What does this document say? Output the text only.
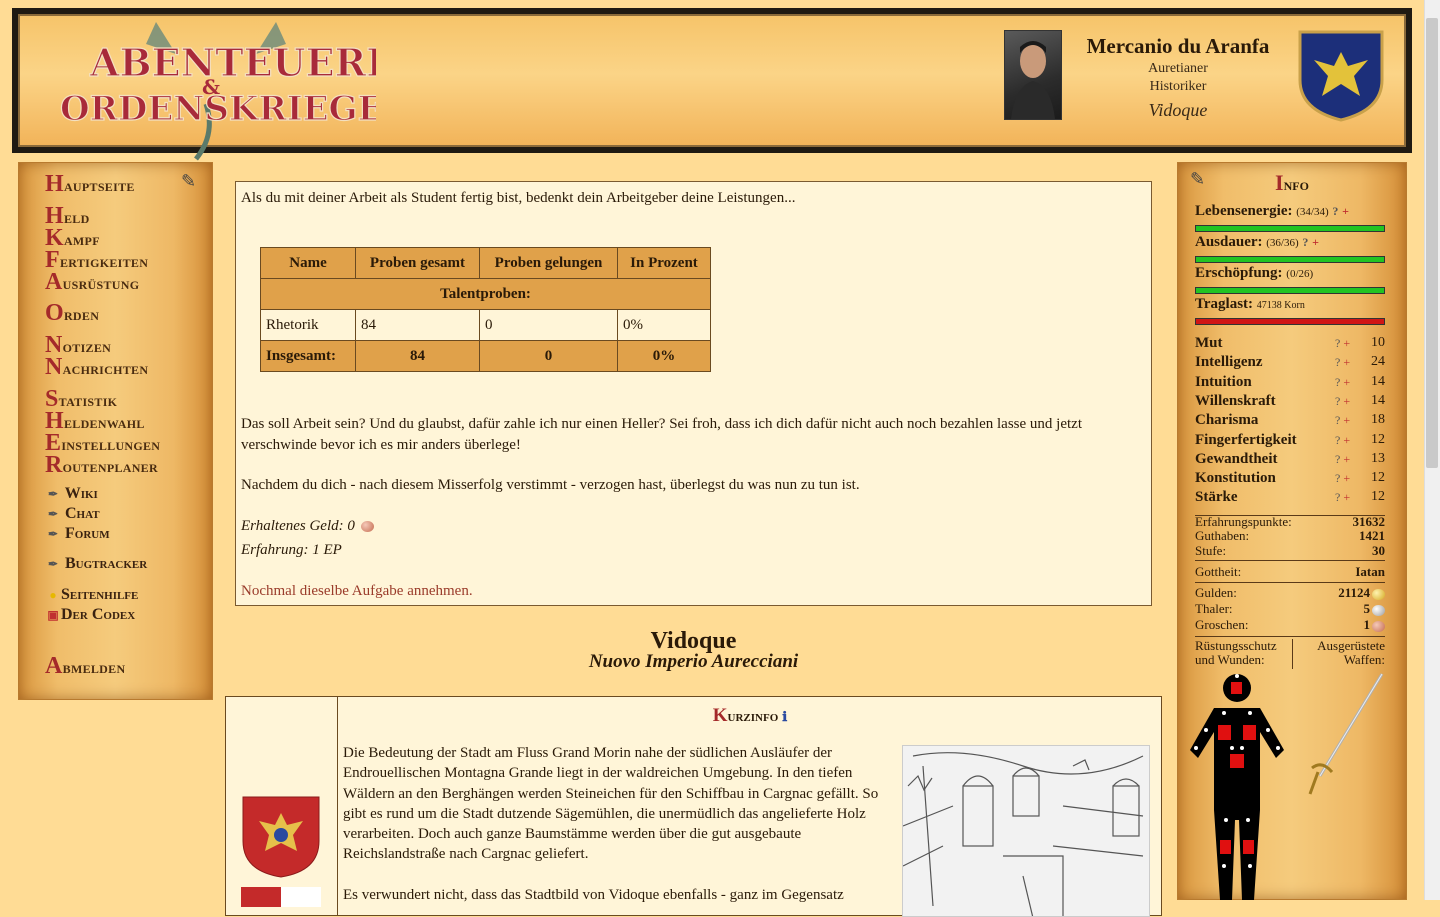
ABENTEUER
&
ORDENSKRIEGE
Mercanio du Aranfa
Auretianer
Historiker
Vidoque
✎
Hauptseite
Held
Kampf
Fertigkeiten
Ausrüstung
Orden
Notizen
Nachrichten
Statistik
Heldenwahl
Einstellungen
Routenplaner
✒ Wiki
✒ Chat
✒ Forum
✒ Bugtracker
● Seitenhilfe
▣ Der Codex
Abmelden

Als du mit deiner Arbeit als Student fertig bist, bedenkt dein Arbeitgeber deine Leistungen...

Name	Proben gesamt	Proben gelungen	In Prozent
Talentproben:			
Rhetorik	84	0	0%
Insgesamt:	84	0	0%

Das soll Arbeit sein? Und du glaubst, dafür zahle ich nur einen Heller? Sei froh, dass ich dich dafür nicht auch noch bezahlen lasse und jetzt verschwinde bevor ich es mir anders überlege!

Nachdem du dich - nach diesem Misserfolg verstimmt - verzogen hast, überlegst du was nun zu tun ist.

Erhaltenes Geld: 0

Erfahrung: 1 EP

Nochmal dieselbe Aufgabe annehmen.

Vidoque
Nuovo Imperio Aurecciani
Kurzinfo ℹ

Die Bedeutung der Stadt am Fluss Grand Morin nahe der südlichen Ausläufer der Endrouellischen Montagna Grande liegt in der waldreichen Umgebung. In den tiefen Wäldern an den Berghängen werden Steineichen für den Schiffbau in Cargnac gefällt. So gibt es rund um die Stadt dutzende Sägemühlen, die unermüdlich das angelieferte Holz verarbeiten. Doch auch ganze Baumstämme werden über die gut ausgebaute Reichslandstraße nach Cargnac geliefert.

Es verwundert nicht, dass das Stadtbild von Vidoque ebenfalls - ganz im Gegensatz

✎	Info
Lebensenergie: (34/34) ? +
Ausdauer: (36/36) ? +
Erschöpfung: (0/26)
Traglast: 47138 Korn
Mut	? + 10
Intelligenz	? + 24
Intuition	? + 14
Willenskraft	? + 14
Charisma	? + 18
Fingerfertigkeit	? + 12
Gewandtheit	? + 13
Konstitution	? + 12
Stärke	? + 12
Erfahrungspunkte:	31632
Guthaben:	1421
Stufe:	30
Gottheit:	Iatan
Gulden:	21124
Thaler:	5
Groschen:	1
Rüstungsschutz und Wunden:
Ausgerüstete Waffen:
